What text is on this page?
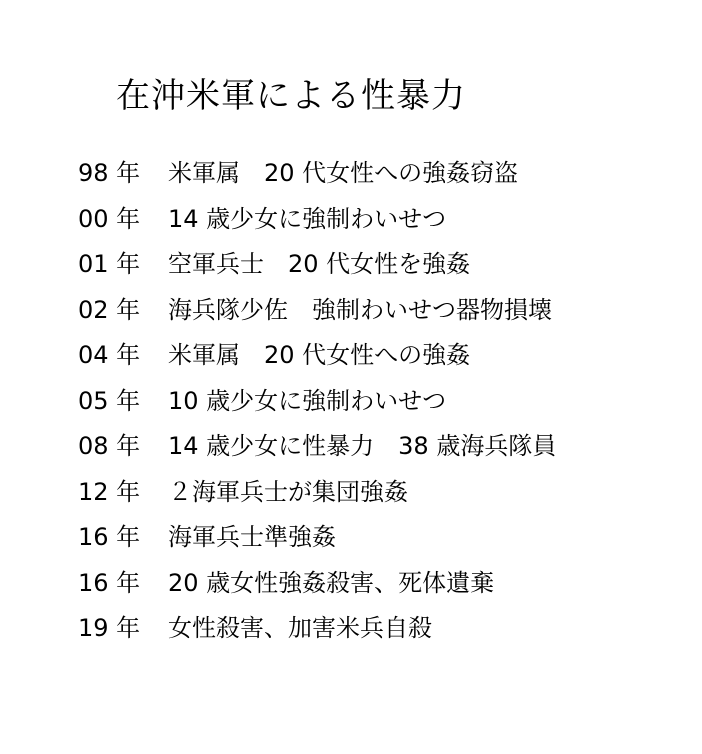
在沖米軍による性暴力
98 年	米軍属　20 代女性への強姦窃盗
00 年	14 歳少女に強制わいせつ
01 年	空軍兵士　20 代女性を強姦
02 年	海兵隊少佐　強制わいせつ器物損壊
04 年	米軍属　20 代女性への強姦
05 年	10 歳少女に強制わいせつ
08 年	14 歳少女に性暴力　38 歳海兵隊員
12 年	２海軍兵士が集団強姦
16 年	海軍兵士準強姦
16 年	20 歳女性強姦殺害、死体遺棄
19 年	女性殺害、加害米兵自殺
